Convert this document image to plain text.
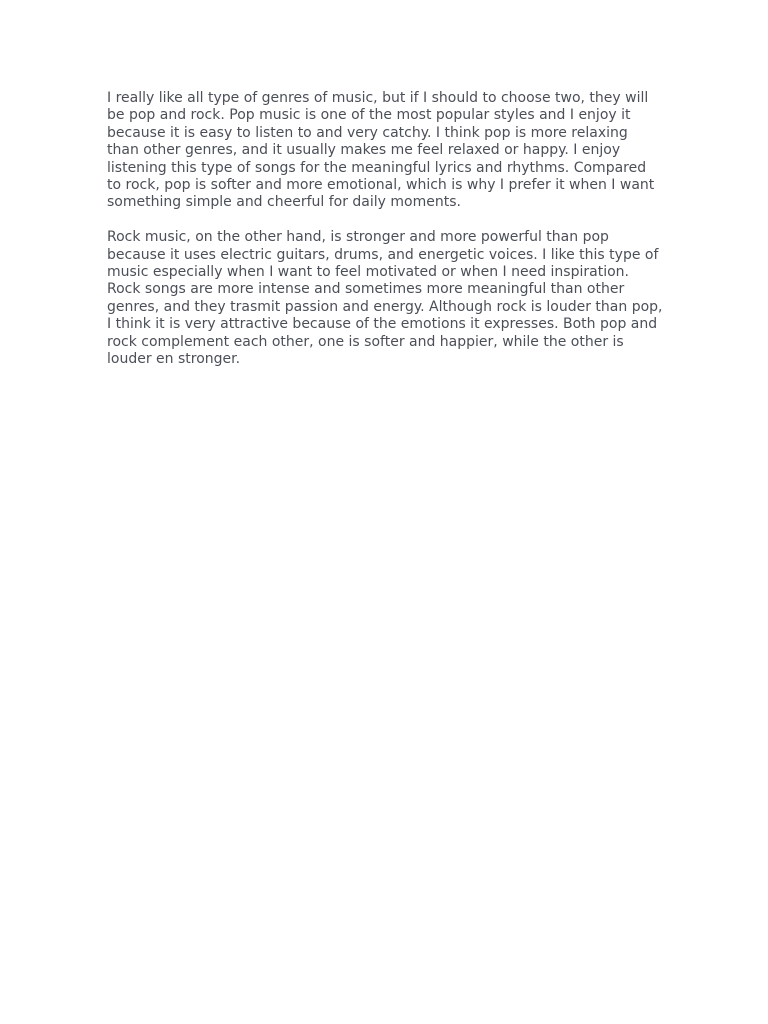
I really like all type of genres of music, but if I should to choose two, they will be pop and rock. Pop music is one of the most popular styles and I enjoy it because it is easy to listen to and very catchy. I think pop is more relaxing than other genres, and it usually makes me feel relaxed or happy. I enjoy listening this type of songs for the meaningful lyrics and rhythms. Compared to rock, pop is softer and more emotional, which is why I prefer it when I want something simple and cheerful for daily moments.

Rock music, on the other hand, is stronger and more powerful than pop because it uses electric guitars, drums, and energetic voices. I like this type of music especially when I want to feel motivated or when I need inspiration. Rock songs are more intense and sometimes more meaningful than other genres, and they trasmit passion and energy. Although rock is louder than pop, I think it is very attractive because of the emotions it expresses. Both pop and rock complement each other, one is softer and happier, while the other is louder en stronger.
